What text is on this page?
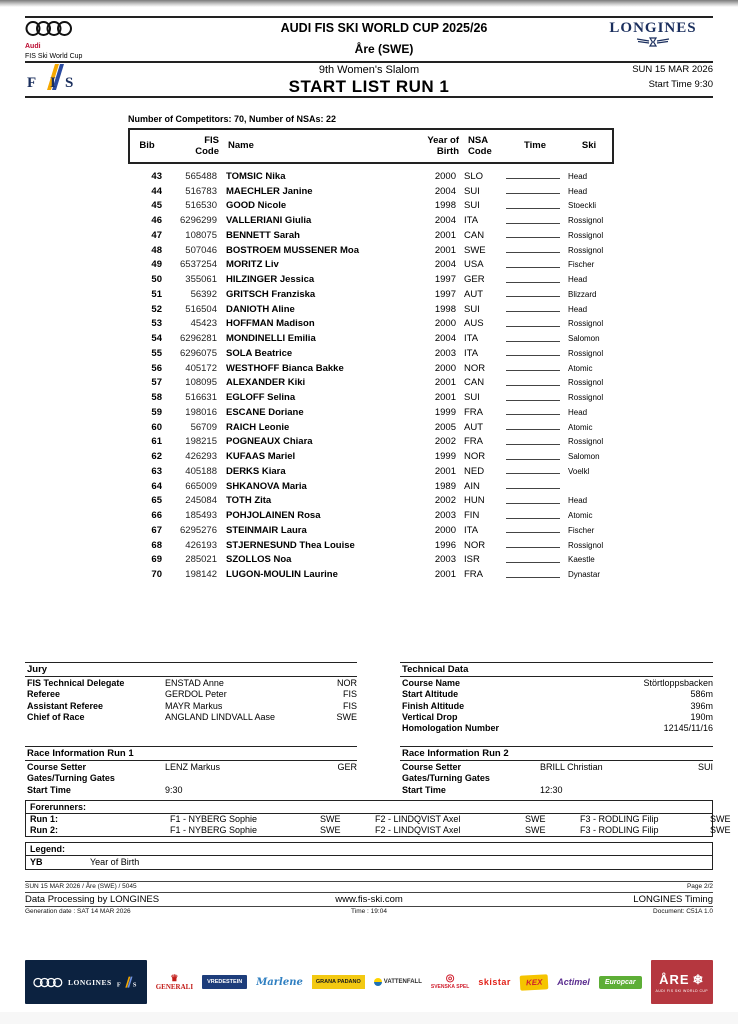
Audi
FIS Ski World Cup
AUDI FIS SKI WORLD CUP 2025/26
Åre (SWE)
LONGINES
F I S
9th Women's Slalom
START LIST RUN 1
SUN 15 MAR 2026
Start Time 9:30
Number of Competitors: 70, Number of NSAs: 22
Bib
FIS
Code
Name
Year of
Birth
NSA
Code
Time	Ski
43	565488 TOMSIC Nika	2000 SLO	Head
44	516783 MAECHLER Janine	2004 SUI	Head
45	516530 GOOD Nicole	1998 SUI	Stoeckli
46	6296299 VALLERIANI Giulia	2004 ITA	Rossignol
47	108075 BENNETT Sarah	2001 CAN	Rossignol
48	507046 BOSTROEM MUSSENER Moa	2001 SWE	Rossignol
49	6537254 MORITZ Liv	2004 USA	Fischer
50	355061 HILZINGER Jessica	1997 GER	Head
51	56392 GRITSCH Franziska	1997 AUT	Blizzard
52	516504 DANIOTH Aline	1998 SUI	Head
53	45423 HOFFMAN Madison	2000 AUS	Rossignol
54	6296281 MONDINELLI Emilia	2004 ITA	Salomon
55	6296075 SOLA Beatrice	2003 ITA	Rossignol
56	405172 WESTHOFF Bianca Bakke	2000 NOR	Atomic
57	108095 ALEXANDER Kiki	2001 CAN	Rossignol
58	516631 EGLOFF Selina	2001 SUI	Rossignol
59	198016 ESCANE Doriane	1999 FRA	Head
60	56709 RAICH Leonie	2005 AUT	Atomic
61	198215 POGNEAUX Chiara	2002 FRA	Rossignol
62	426293 KUFAAS Mariel	1999 NOR	Salomon
63	405188 DERKS Kiara	2001 NED	Voelkl
64	665009 SHKANOVA Maria	1989 AIN
65	245084 TOTH Zita	2002 HUN	Head
66	185493 POHJOLAINEN Rosa	2003 FIN	Atomic
67	6295276 STEINMAIR Laura	2000 ITA	Fischer
68	426193 STJERNESUND Thea Louise	1996 NOR	Rossignol
69	285021 SZOLLOS Noa	2003 ISR	Kaestle
70	198142 LUGON-MOULIN Laurine	2001 FRA	Dynastar
Jury
FIS Technical Delegate	ENSTAD Anne	NOR
Referee	GERDOL Peter	FIS
Assistant Referee	MAYR Markus	FIS
Chief of Race	ANGLAND LINDVALL Aase	SWE
Technical Data
Course Name	Störtloppsbacken
Start Altitude	586m
Finish Altitude	396m
Vertical Drop	190m
Homologation Number	12145/11/16
Race Information Run 1
Course Setter	LENZ Markus	GER
Gates/Turning Gates
Start Time	9:30
Race Information Run 2
Course Setter	BRILL Christian	SUI
Gates/Turning Gates
Start Time	12:30
Forerunners:
Run 1:	F1 - NYBERG Sophie	SWE	F2 - LINDQVIST Axel	SWE	F3 - RODLING Filip	SWE
Run 2:	F1 - NYBERG Sophie	SWE	F2 - LINDQVIST Axel	SWE	F3 - RODLING Filip	SWE
Legend:
YB	Year of Birth
SUN 15 MAR 2026 / Åre (SWE) / 5045	Page 2/2
Data Processing by LONGINES	www.fis-ski.com	LONGINES Timing
Generation date : SAT 14 MAR 2026	Time : 19:04	Document: C51A 1.0
LONGINES F S
♛
GENERALI
VREDESTEIN	Marlene	GRANA PADANO	VATTENFALL ◎
SVENSKA SPEL skistar	KEX	Actimel	Europcar	ÅRE ❄
AUDI FIS SKI WORLD CUP
